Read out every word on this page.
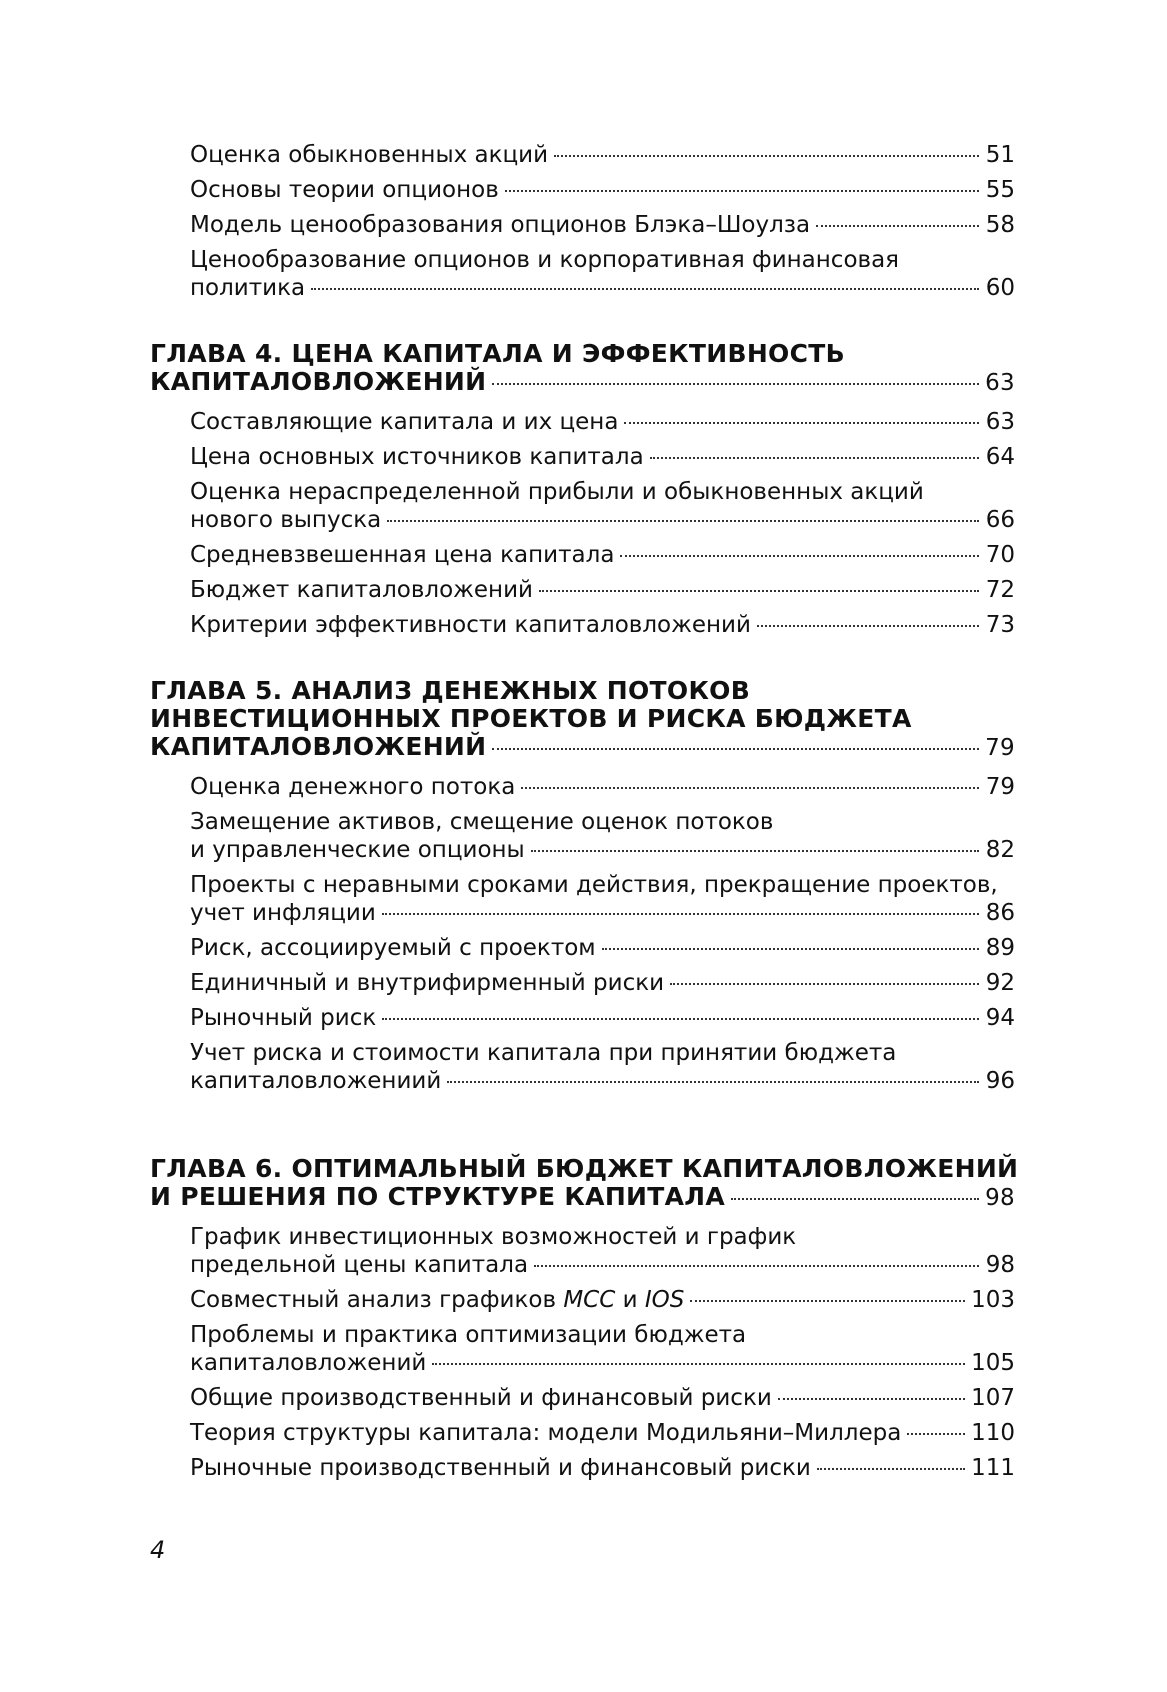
Оценка обыкновенных акций	51
Основы теории опционов	55
Модель ценообразования опционов Блэка–Шоулза	58
Ценообразование опционов и корпоративная финансовая
политика	60
ГЛАВА 4. ЦЕНА КАПИТАЛА И ЭФФЕКТИВНОСТЬ
КАПИТАЛОВЛОЖЕНИЙ	63
Составляющие капитала и их цена	63
Цена основных источников капитала	64
Оценка нераспределенной прибыли и обыкновенных акций
нового выпуска	66
Средневзвешенная цена капитала	70
Бюджет капиталовложений	72
Критерии эффективности капиталовложений	73
ГЛАВА 5. АНАЛИЗ ДЕНЕЖНЫХ ПОТОКОВ
ИНВЕСТИЦИОННЫХ ПРОЕКТОВ И РИСКА БЮДЖЕТА
КАПИТАЛОВЛОЖЕНИЙ	79
Оценка денежного потока	79
Замещение активов, смещение оценок потоков
и управленческие опционы	82
Проекты с неравными сроками действия, прекращение проектов,
учет инфляции	86
Риск, ассоциируемый с проектом	89
Единичный и внутрифирменный риски	92
Рыночный риск	94
Учет риска и стоимости капитала при принятии бюджета
капиталовложениий	96
ГЛАВА 6. ОПТИМАЛЬНЫЙ БЮДЖЕТ КАПИТАЛОВЛОЖЕНИЙ
И РЕШЕНИЯ ПО СТРУКТУРЕ КАПИТАЛА	98
График инвестиционных возможностей и график
предельной цены капитала	98
Совместный анализ графиков MCC и IOS	103
Проблемы и практика оптимизации бюджета
капиталовложений	105
Общие производственный и финансовый риски	107
Теория структуры капитала: модели Модильяни–Миллера	110
Рыночные производственный и финансовый риски	111
4
